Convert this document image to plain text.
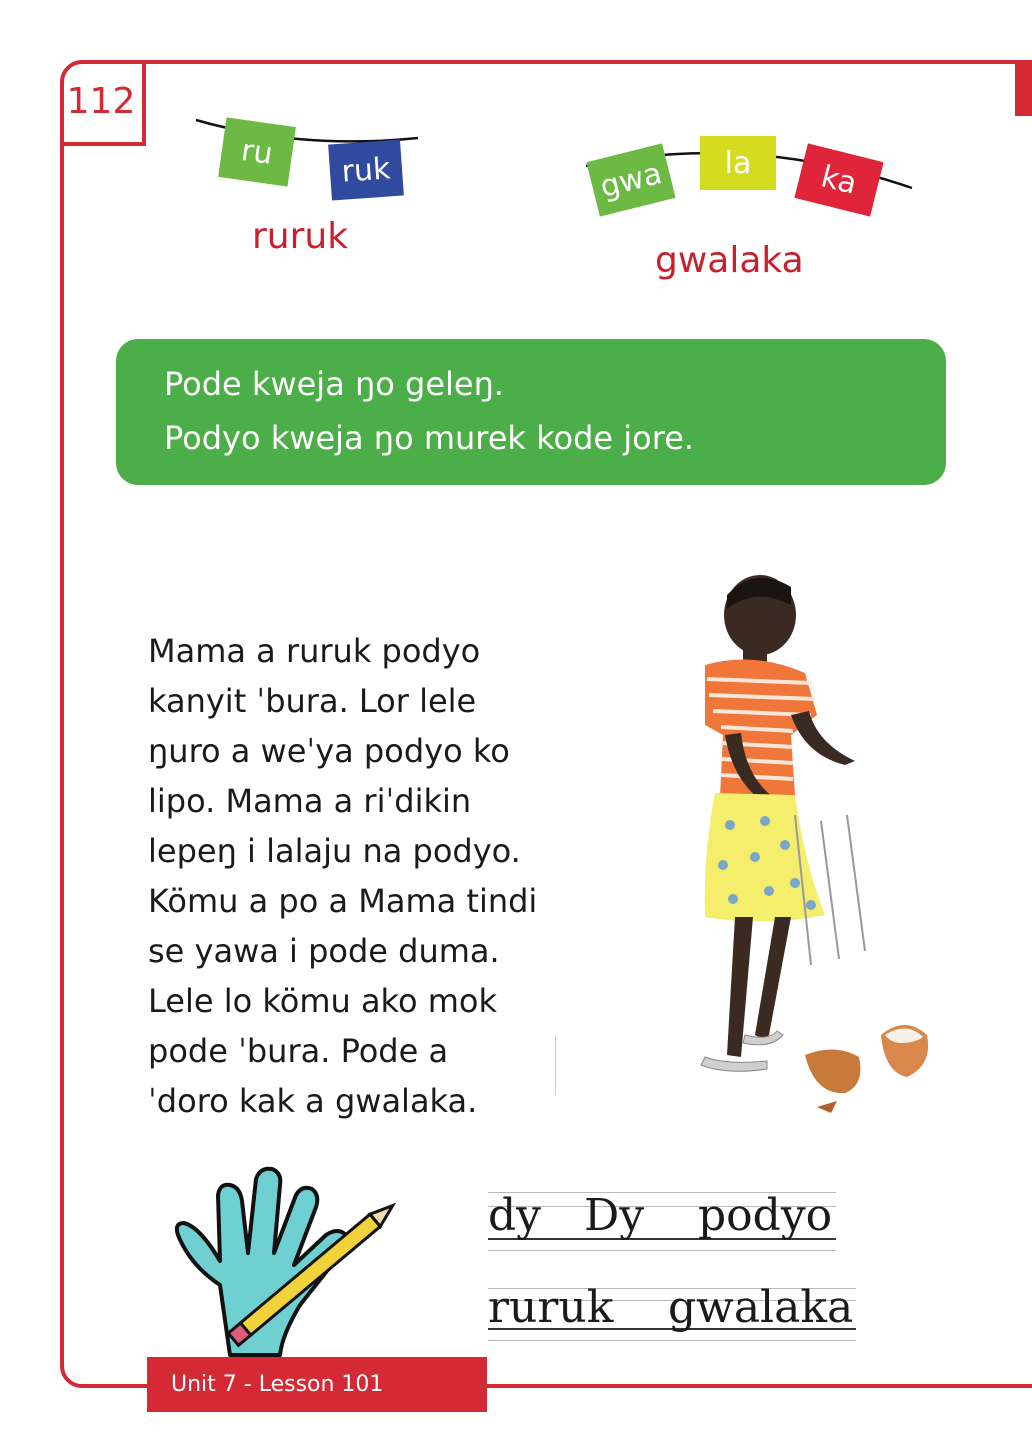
112
ru ruk
ruruk
gwa la ka
gwalaka
Pode kweja ŋo geleŋ.
Podyo kweja ŋo murek kode jore.
Mama a ruruk podyo
kanyit ˈbura. Lor lele
ŋuro a weˈya podyo ko
lipo. Mama a riˈdikin
lepeŋ i lalaju na podyo.
Kömu a po a Mama tindi
se yawa i pode duma.
Lele lo kömu ako mok
pode ˈbura. Pode a
ˈdoro kak a gwalaka.
dy Dy podyo
ruruk gwalaka
Unit 7 - Lesson 101
